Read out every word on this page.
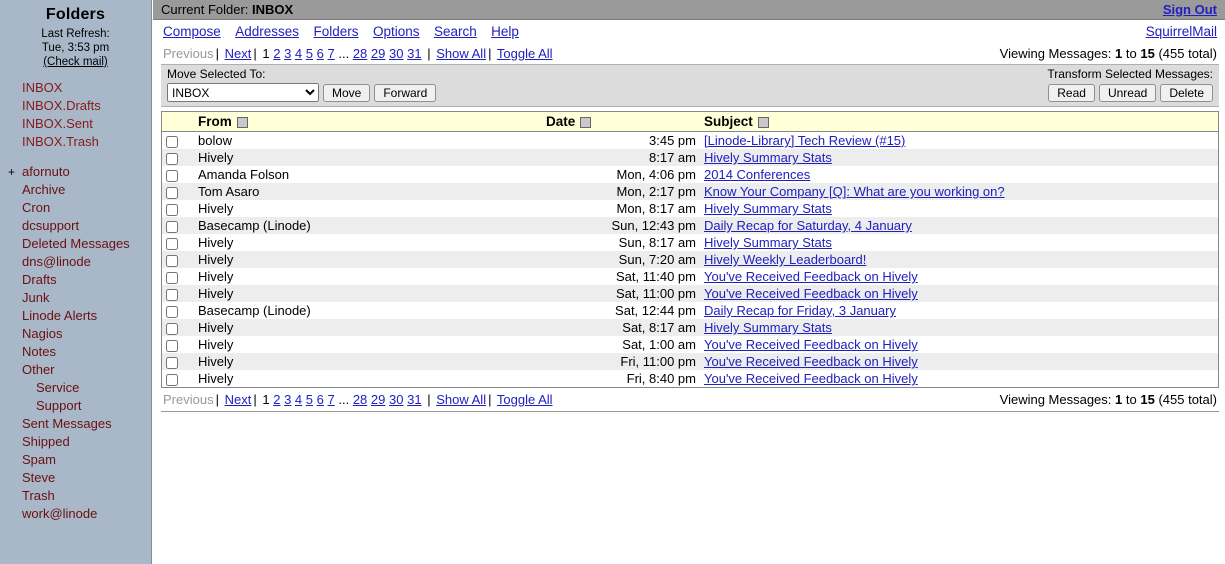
Folders
Last Refresh:
Tue, 3:53 pm
(Check mail)
INBOX
INBOX.Drafts
INBOX.Sent
INBOX.Trash
+ afornuto
Archive
Cron
dcsupport
Deleted Messages
dns@linode
Drafts
Junk
Linode Alerts
Nagios
Notes
Other
Service
Support
Sent Messages
Shipped
Spam
Steve
Trash
work@linode
Current Folder: INBOX	Sign Out
Compose Addresses Folders Options Search Help	SquirrelMail
Previous | Next | 1 2 3 4 5 6 7 ... 28 29 30 31 | Show All | Toggle All	Viewing Messages: 1 to 15 (455 total)
Move Selected To:	Transform Selected Messages:
INBOX
Move	Forward	Read	Unread	Delete
	From	Date	Subject
	bolow	3:45 pm	[Linode-Library] Tech Review (#15)
	Hively	8:17 am	Hively Summary Stats
	Amanda Folson	Mon, 4:06 pm	2014 Conferences
	Tom Asaro	Mon, 2:17 pm	Know Your Company [Q]: What are you working on?
	Hively	Mon, 8:17 am	Hively Summary Stats
	Basecamp (Linode)	Sun, 12:43 pm	Daily Recap for Saturday, 4 January
	Hively	Sun, 8:17 am	Hively Summary Stats
	Hively	Sun, 7:20 am	Hively Weekly Leaderboard!
	Hively	Sat, 11:40 pm	You've Received Feedback on Hively
	Hively	Sat, 11:00 pm	You've Received Feedback on Hively
	Basecamp (Linode)	Sat, 12:44 pm	Daily Recap for Friday, 3 January
	Hively	Sat, 8:17 am	Hively Summary Stats
	Hively	Sat, 1:00 am	You've Received Feedback on Hively
	Hively	Fri, 11:00 pm	You've Received Feedback on Hively
	Hively	Fri, 8:40 pm	You've Received Feedback on Hively
Previous | Next | 1 2 3 4 5 6 7 ... 28 29 30 31 | Show All | Toggle All	Viewing Messages: 1 to 15 (455 total)
